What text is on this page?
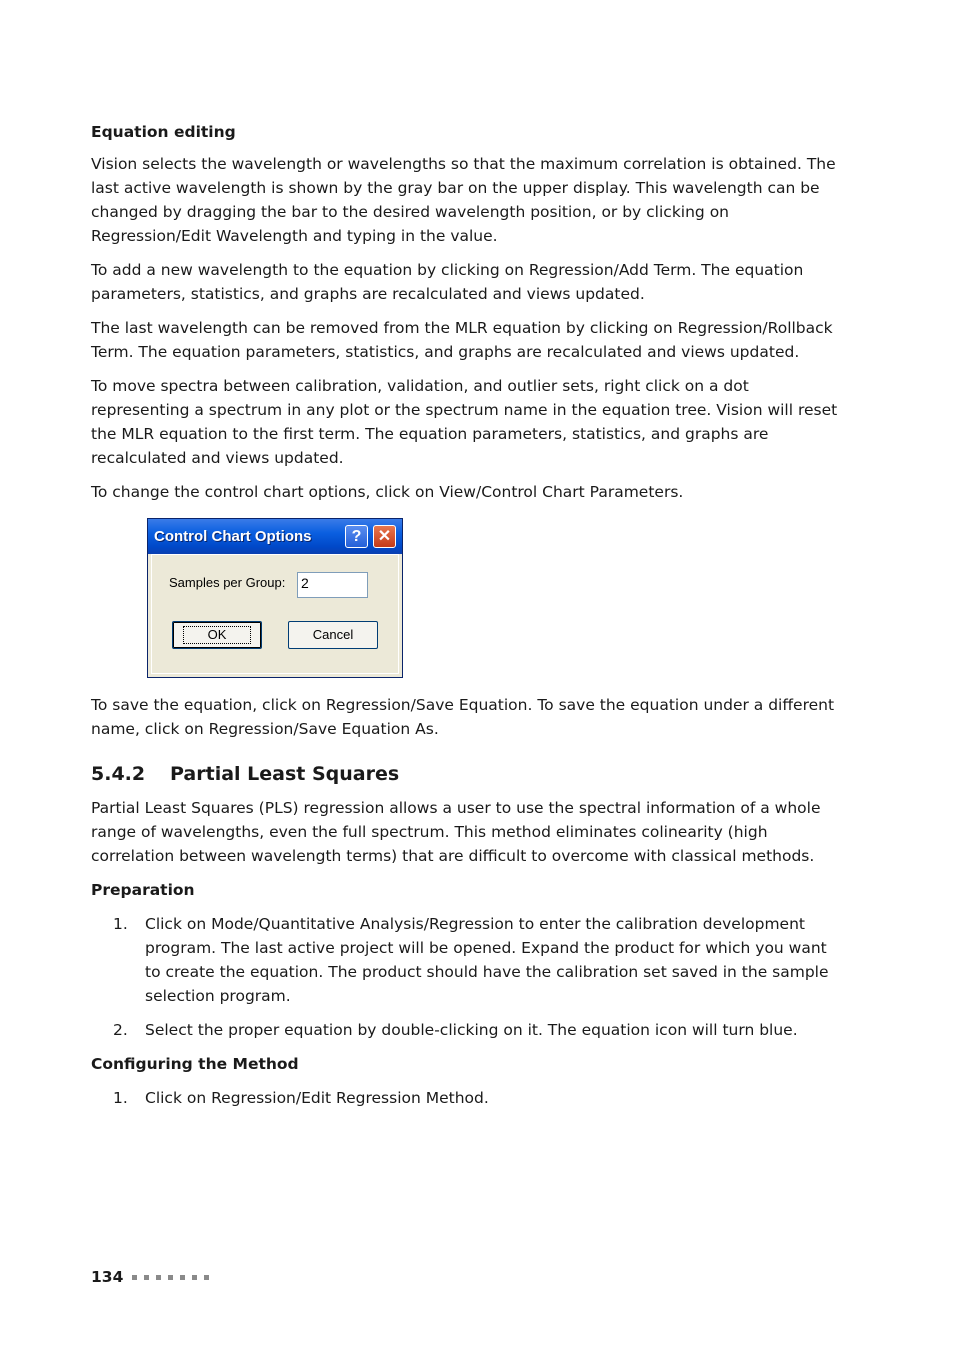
Equation editing

Vision selects the wavelength or wavelengths so that the maximum correlation is obtained. The last active wavelength is shown by the gray bar on the upper display. This wavelength can be changed by dragging the bar to the desired wavelength position, or by clicking on Regression/Edit Wavelength and typing in the value.

To add a new wavelength to the equation by clicking on Regression/Add Term. The equation parameters, statistics, and graphs are recalculated and views updated.

The last wavelength can be removed from the MLR equation by clicking on Regression/Rollback Term. The equation parameters, statistics, and graphs are recalculated and views updated.

To move spectra between calibration, validation, and outlier sets, right click on a dot representing a spectrum in any plot or the spectrum name in the equation tree. Vision will reset the MLR equation to the first term. The equation parameters, statistics, and graphs are recalculated and views updated.

To change the control chart options, click on View/Control Chart Parameters.

Control Chart Options	?	✕
Samples per Group: 2
OK	Cancel

To save the equation, click on Regression/Save Equation. To save the equation under a different name, click on Regression/Save Equation As.

5.4.2	Partial Least Squares

Partial Least Squares (PLS) regression allows a user to use the spectral information of a whole range of wavelengths, even the full spectrum. This method eliminates colinearity (high correlation between wavelength terms) that are difficult to overcome with classical methods.

Preparation
1.	Click on Mode/Quantitative Analysis/Regression to enter the calibration development program. The last active project will be opened. Expand the product for which you want to create the equation. The product should have the calibration set saved in the sample selection program.
2.	Select the proper equation by double-clicking on it. The equation icon will turn blue.
Configuring the Method
1.	Click on Regression/Edit Regression Method.
134
